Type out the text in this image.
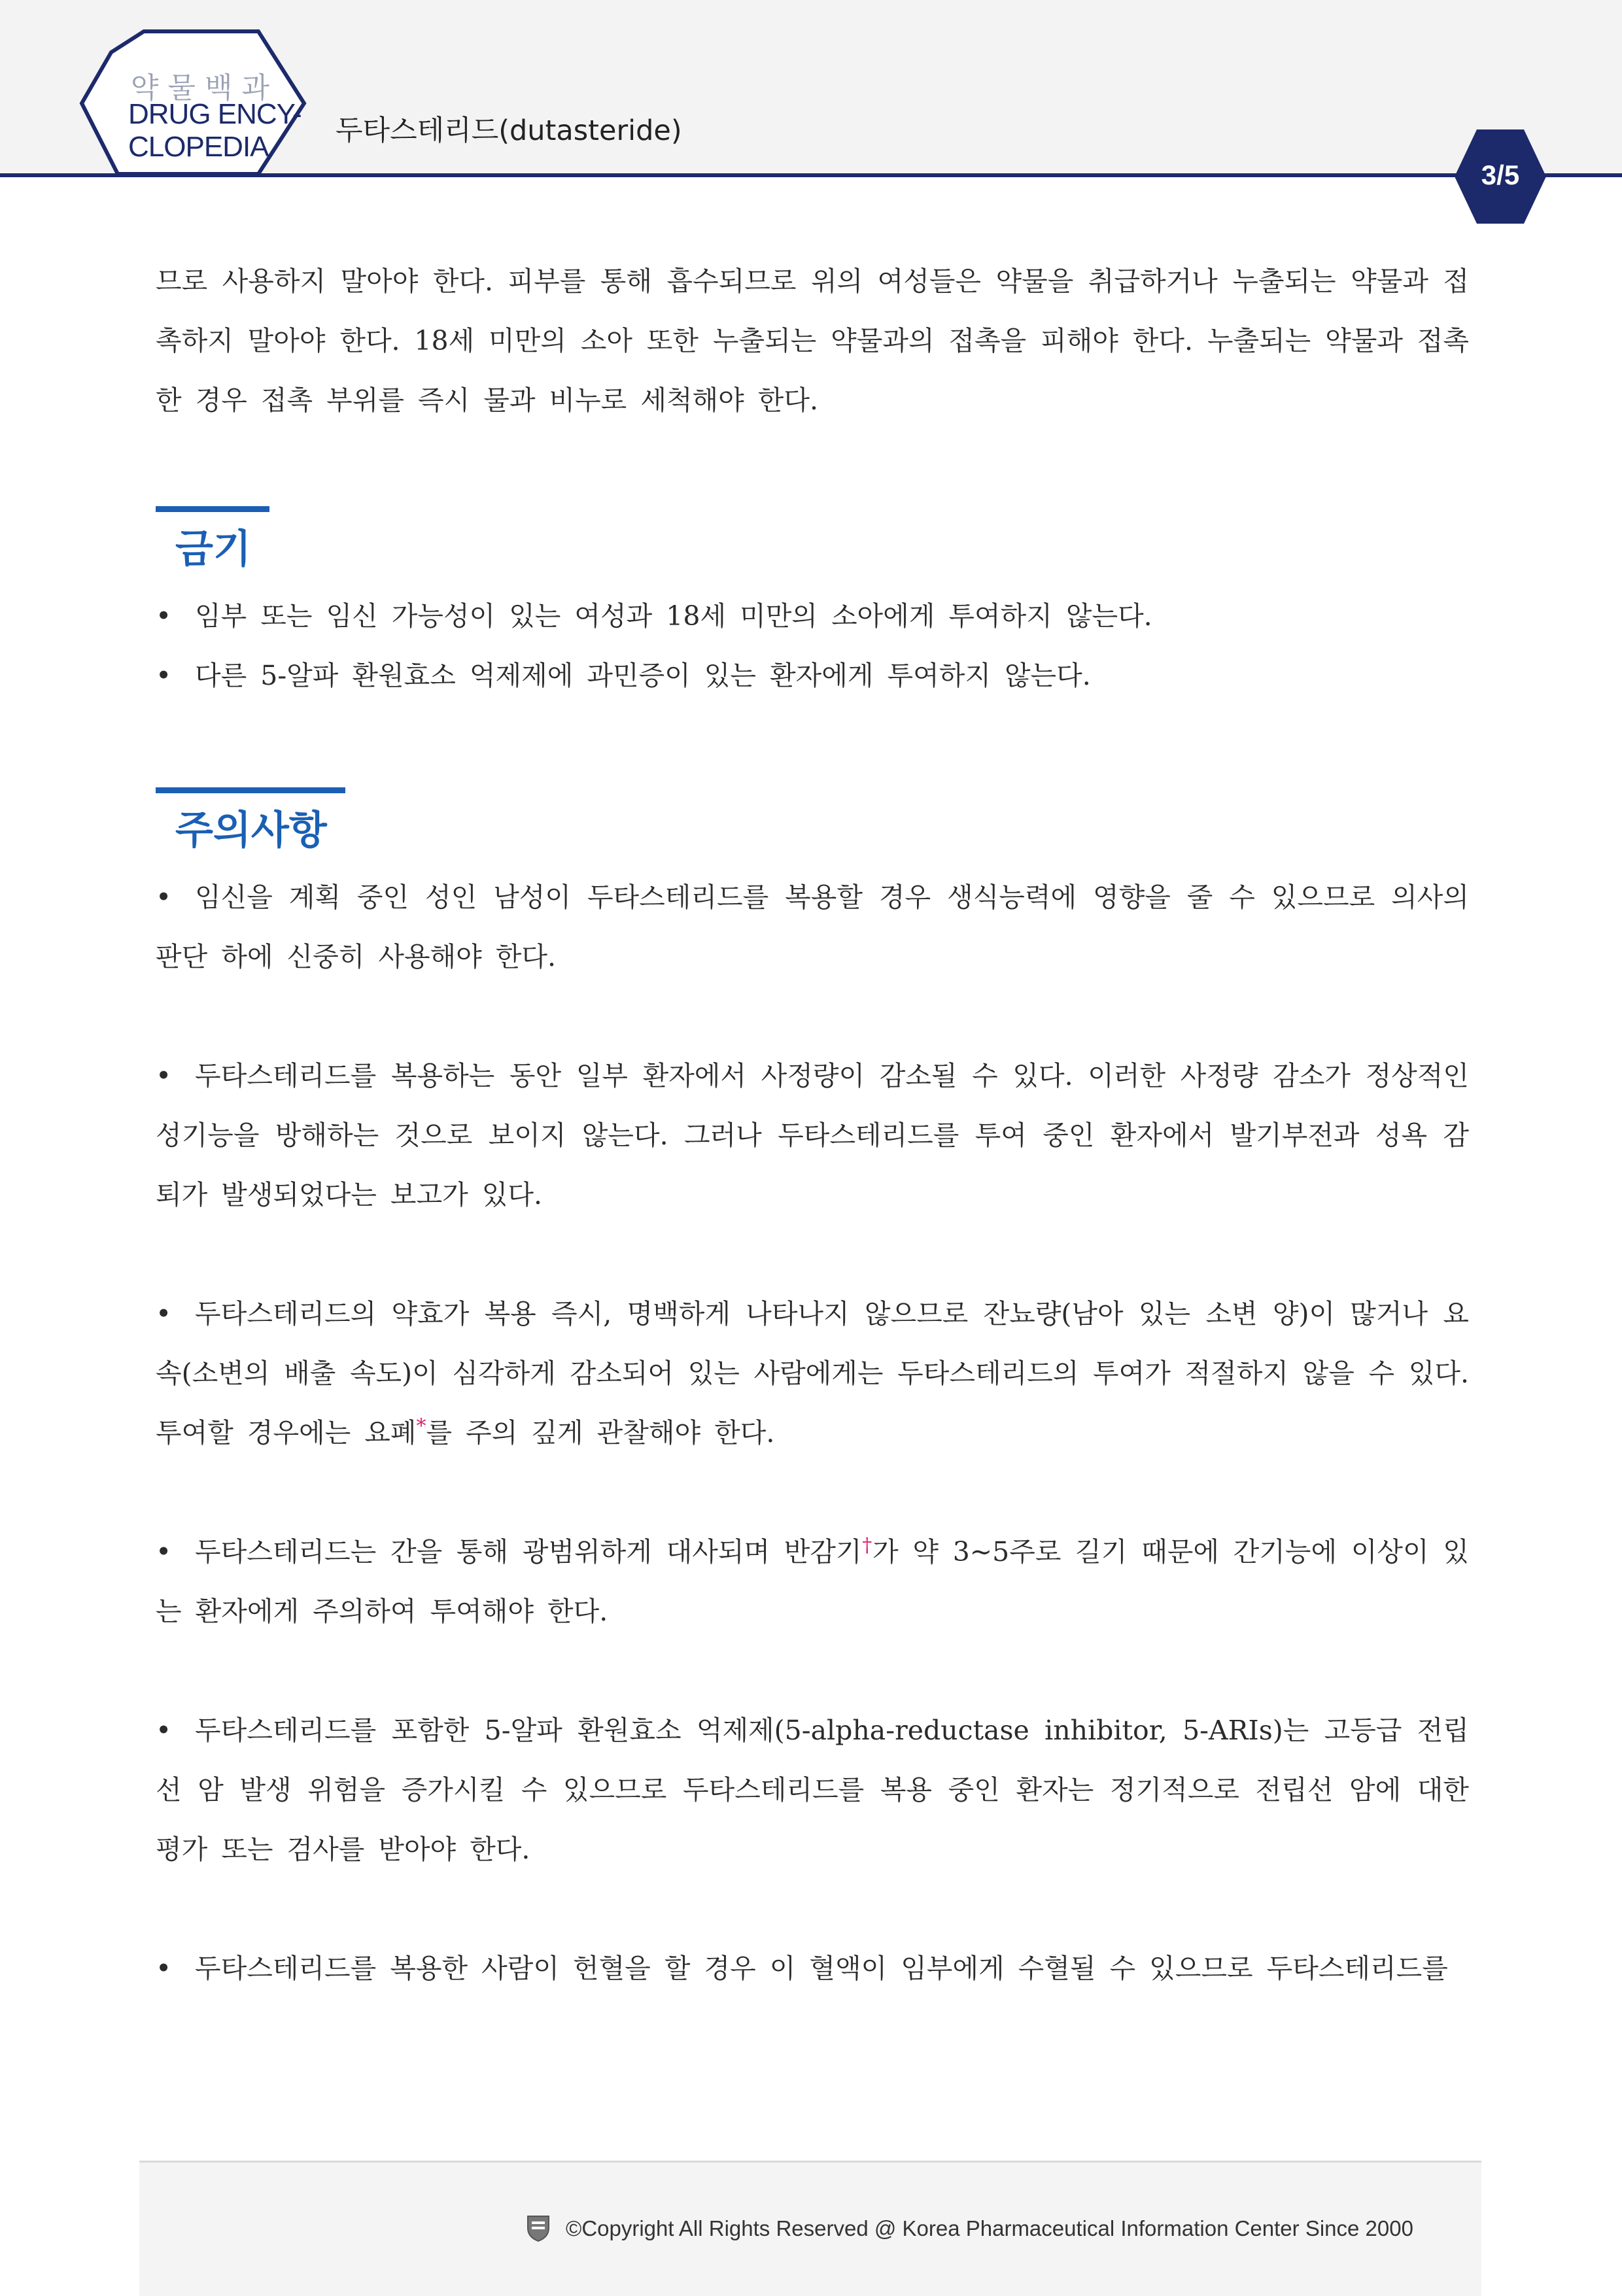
약물백과
DRUG ENCY-
CLOPEDIA	두타스테리드(dutasteride)
3/5

므로 사용하지 말아야 한다. 피부를 통해 흡수되므로 위의 여성들은 약물을 취급하거나 누출되는 약물과 접촉하지 말아야 한다. 18세 미만의 소아 또한 누출되는 약물과의 접촉을 피해야 한다. 누출되는 약물과 접촉한 경우 접촉 부위를 즉시 물과 비누로 세척해야 한다.

금기

• 임부 또는 임신 가능성이 있는 여성과 18세 미만의 소아에게 투여하지 않는다.

• 다른 5-알파 환원효소 억제제에 과민증이 있는 환자에게 투여하지 않는다.

주의사항

• 임신을 계획 중인 성인 남성이 두타스테리드를 복용할 경우 생식능력에 영향을 줄 수 있으므로 의사의 판단 하에 신중히 사용해야 한다.

• 두타스테리드를 복용하는 동안 일부 환자에서 사정량이 감소될 수 있다. 이러한 사정량 감소가 정상적인 성기능을 방해하는 것으로 보이지 않는다. 그러나 두타스테리드를 투여 중인 환자에서 발기부전과 성욕 감퇴가 발생되었다는 보고가 있다.

• 두타스테리드의 약효가 복용 즉시, 명백하게 나타나지 않으므로 잔뇨량(남아 있는 소변 양)이 많거나 요속(소변의 배출 속도)이 심각하게 감소되어 있는 사람에게는 두타스테리드의 투여가 적절하지 않을 수 있다. 투여할 경우에는 요폐*를 주의 깊게 관찰해야 한다.

• 두타스테리드는 간을 통해 광범위하게 대사되며 반감기†가 약 3~5주로 길기 때문에 간기능에 이상이 있는 환자에게 주의하여 투여해야 한다.

• 두타스테리드를 포함한 5-알파 환원효소 억제제(5-alpha-reductase inhibitor, 5-ARIs)는 고등급 전립선 암 발생 위험을 증가시킬 수 있으므로 두타스테리드를 복용 중인 환자는 정기적으로 전립선 암에 대한 평가 또는 검사를 받아야 한다.

• 두타스테리드를 복용한 사람이 헌혈을 할 경우 이 혈액이 임부에게 수혈될 수 있으므로 두타스테리드를

©Copyright All Rights Reserved @ Korea Pharmaceutical Information Center Since 2000
